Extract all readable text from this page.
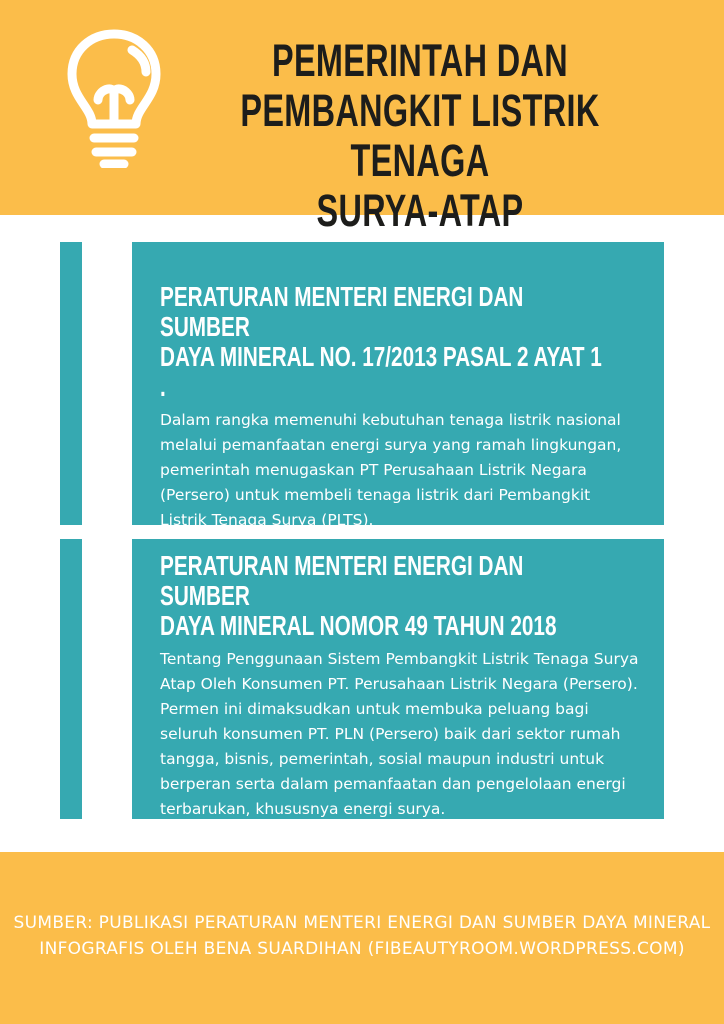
PEMERINTAH DAN
PEMBANGKIT LISTRIK TENAGA
SURYA-ATAP
PERATURAN MENTERI ENERGI DAN SUMBER
DAYA MINERAL NO. 17/2013 PASAL 2 AYAT 1 .

Dalam rangka memenuhi kebutuhan tenaga listrik nasional melalui pemanfaatan energi surya yang ramah lingkungan, pemerintah menugaskan PT Perusahaan Listrik Negara (Persero) untuk membeli tenaga listrik dari Pembangkit Listrik Tenaga Surya (PLTS).

PERATURAN MENTERI ENERGI DAN SUMBER
DAYA MINERAL NOMOR 49 TAHUN 2018

Tentang Penggunaan Sistem Pembangkit Listrik Tenaga Surya Atap Oleh Konsumen PT. Perusahaan Listrik Negara (Persero). Permen ini dimaksudkan untuk membuka peluang bagi seluruh konsumen PT. PLN (Persero) baik dari sektor rumah tangga, bisnis, pemerintah, sosial maupun industri untuk berperan serta dalam pemanfaatan dan pengelolaan energi terbarukan, khususnya energi surya.

SUMBER: PUBLIKASI PERATURAN MENTERI ENERGI DAN SUMBER DAYA MINERAL
INFOGRAFIS OLEH BENA SUARDIHAN (FIBEAUTYROOM.WORDPRESS.COM)
